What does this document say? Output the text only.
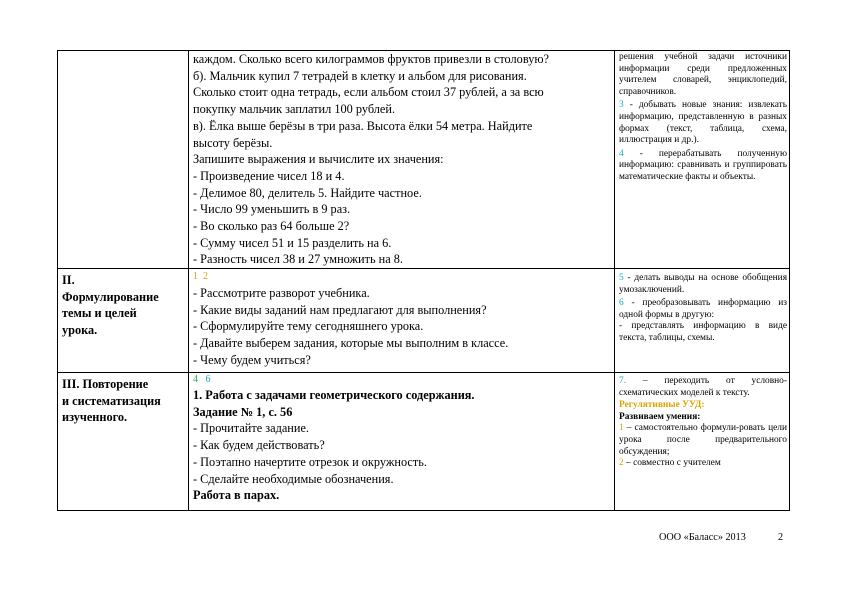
каждом. Сколько всего килограммов фруктов привезли в столовую?
б). Мальчик купил 7 тетрадей в клетку и альбом для рисования.
Сколько стоит одна тетрадь, если альбом стоил 37 рублей, а за всю
покупку мальчик заплатил 100 рублей.
в). Ёлка выше берёзы в три раза. Высота ёлки 54 метра. Найдите
высоту берёзы.
Запишите выражения и вычислите их значения:
- Произведение чисел 18 и 4.
- Делимое 80, делитель 5. Найдите частное.
- Число 99 уменьшить в 9 раз.
- Во сколько раз 64 больше 2?
- Сумму чисел 51 и 15 разделить на 6.
- Разность чисел 38 и 27 умножить на 8.

решения учебной задачи источники информации среди предложенных учителем словарей, энциклопедий, справочников.

3 - добывать новые знания: извлекать информацию, представленную в разных формах (текст, таблица, схема, иллюстрация и др.).

4 - перерабатывать полученную информацию: сравнивать и группировать математические факты и объекты.

II.
Формулирование
темы и целей
урока.
1 2
- Рассмотрите разворот учебника.
- Какие виды заданий нам предлагают для выполнения?
- Сформулируйте тему сегодняшнего урока.
- Давайте выберем задания, которые мы выполним в классе.
- Чему будем учиться?

5 - делать выводы на основе обобщения умозаключений.

6 - преобразовывать информацию из одной формы в другую:

- представлять информацию в виде текста, таблицы, схемы.

III. Повторение
и систематизация
изученного.
4 6
1. Работа с задачами геометрического содержания.
Задание № 1, с. 56
- Прочитайте задание.
- Как будем действовать?
- Поэтапно начертите отрезок и окружность.
- Сделайте необходимые обозначения.
Работа в парах.

7. – переходить от условно-схематических моделей к тексту.

Регулятивные УУД:

Развиваем умения:

1 – самостоятельно формули-ровать цели урока после предварительного обсуждения;

2 – совместно с учителем

ООО «Баласс» 2013	2
